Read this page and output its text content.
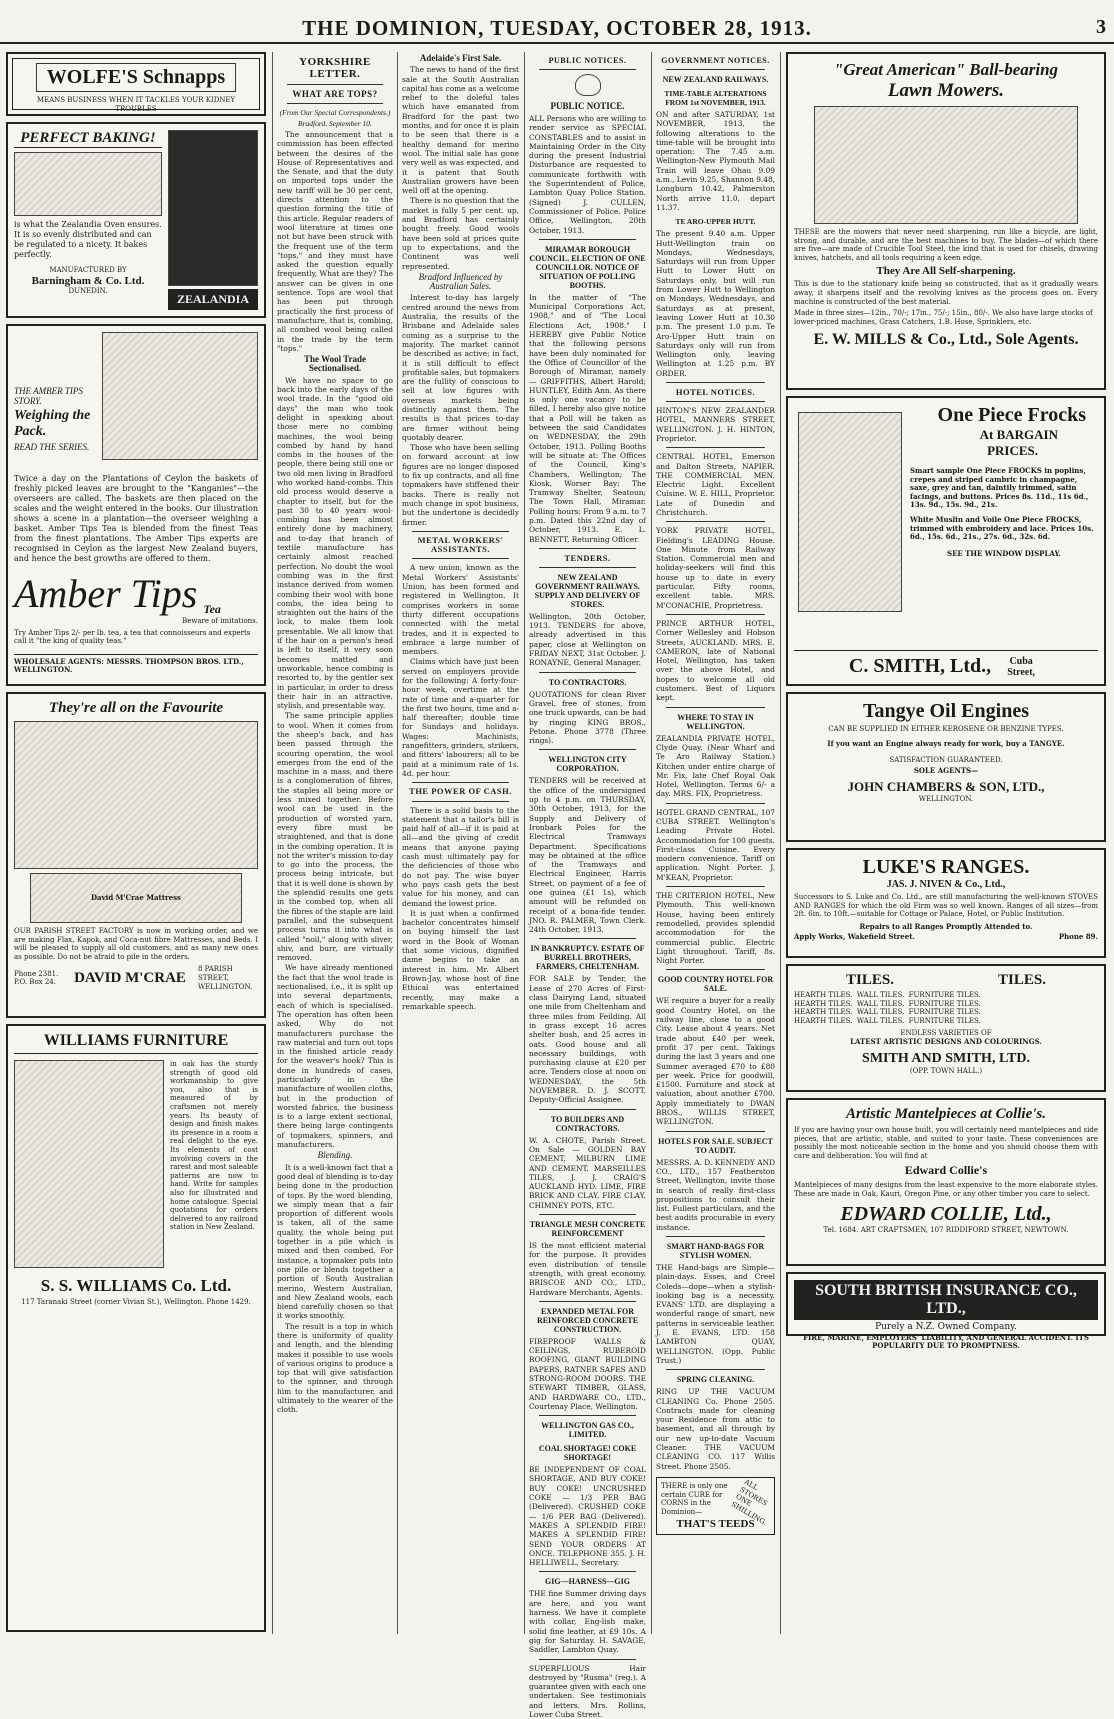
THE DOMINION, TUESDAY, OCTOBER 28, 1913.	3
WOLFE'S Schnapps
MEANS BUSINESS WHEN IT TACKLES YOUR KIDNEY TROUBLES
PERFECT BAKING!
is what the Zealandia Oven ensures. It is so evenly distributed and can be regulated to a nicety. It bakes perfectly.
MANUFACTURED BY
Barningham & Co. Ltd.
DUNEDIN.
ZEALANDIA
THE AMBER TIPS STORY.
Weighing the Pack.
READ THE SERIES.
Twice a day on the Plantations of Ceylon the baskets of freshly picked leaves are brought to the "Kanganies"—the overseers are called. The baskets are then placed on the scales and the weight entered in the books. Our illustration shows a scene in a plantation—the overseer weighing a basket. Amber Tips Tea is blended from the finest Teas from the finest plantations. The Amber Tips experts are recognised in Ceylon as the largest New Zealand buyers, and hence the best growths are offered to them.
Amber Tips Tea
Beware of imitations.
Try Amber Tips 2/- per lb. tea, a tea that connoisseurs and experts call it "the king of quality teas."
WHOLESALE AGENTS: MESSRS. THOMPSON BROS. LTD., WELLINGTON.
They're all on the Favourite
David M'Crae Mattress
OUR PARISH STREET FACTORY is now in working order, and we are making Flax, Kapok, and Coca-nut fibre Mattresses, and Beds. I will be pleased to supply all old customers, and as many new ones as possible. Do not be afraid to pile in the orders.
Phone 2381. P.O. Box 24.	DAVID M'CRAE
8 PARISH STREET, WELLINGTON.
WILLIAMS FURNITURE
in oak has the sturdy strength of good old workmanship to give you, also that is measured of by craftsmen not merely years. Its beauty of design and finish makes its presence in a room a real delight to the eye. Its elements of cost involving covers in the rarest and most saleable patterns are now to hand. Write for samples also for illustrated and home catalogue. Special quotations for orders delivered to any railroad station in New Zealand.
S. S. WILLIAMS Co. Ltd.
117 Taranaki Street (corner Vivian St.), Wellington. Phone 1429.
YORKSHIRE LETTER.
WHAT ARE TOPS?
(From Our Special Correspondents.)
Bradford, September 10.

The announcement that a commission has been effected between the desires of the House of Representatives and the Senate, and that the duty on imported tops under the new tariff will be 30 per cent, directs attention to the question forming the title of this article. Regular readers of wool literature at times one not but have been struck with the frequent use of the term "tops," and they must have asked the question equally frequently, What are they? The answer can be given in one sentence. Tops are wool that has been put through practically the first process of manufacture, that is, combing, all combed wool being called in the trade by the term "tops."

The Wool Trade Sectionalised.

We have no space to go back into the early days of the wool trade. In the "good old days" the man who took delight in speaking about those mere no combing machines, the wool being combed by hand by hand combs in the houses of the people, there being still one or two old men living in Bradford who worked hand-combs. This old process would deserve a chapter to itself, but for the past 30 to 40 years wool-combing has been almost entirely done by machinery, and to-day that branch of textile manufacture has certainly almost reached perfection. No doubt the wool combing was in the first instance derived from women combing their wool with bone combs, the idea being to straighten out the hairs of the lock, to make them look presentable. We all know that if the hair on a person's head is left to itself, it very soon becomes matted and unworkable, hence combing is resorted to, by the gentler sex in particular, in order to dress their hair in an attractive, stylish, and presentable way.

The same principle applies to wool. When it comes from the sheep's back, and has been passed through the scouring operation, the wool emerges from the end of the machine in a mass, and there is a conglomeration of fibres, the staples all being more or less mixed together. Before wool can be used in the production of worsted yarn, every fibre must be straightened, and that is done in the combing operation. It is not the writer's mission to-day to go into the process, the process being intricate, but that it is well done is shown by the splendid results one gets in the combed top, when all the fibres of the staple are laid parallel, and the subsequent process turns it into what is called "noil," along with sliver, shiv, and burr, are virtually removed.

We have already mentioned the fact that the wool trade is sectionalised, i.e., it is split up into several departments, each of which is specialised. The operation has often been asked, Why do not manufacturers purchase the raw material and turn out tops in the finished article ready for the weaver's hook? This is done in hundreds of cases, particularly in the manufacture of woollen cloths, but in the production of worsted fabrics, the business is to a large extent sectional, there being large contingents of topmakers, spinners, and manufacturers.

Blending.

It is a well-known fact that a good deal of blending is to-day being done in the production of tops. By the word blending, we simply mean that a fair proportion of different wools is taken, all of the same quality, the whole being put together in a pile which is mixed and then combed. For instance, a topmaker puts into one pile or blends together a portion of South Australian merino, Western Australian, and New Zealand wools, each blend carefully chosen so that it works smoothly.

The result is a top in which there is uniformity of quality and length, and the blending makes it possible to use wools of various origins to produce a top that will give satisfaction to the spinner, and through him to the manufacturer, and ultimately to the wearer of the cloth.

Adelaide's First Sale.

The news to hand of the first sale at the South Australian capital has come as a welcome relief to the doleful tales which have emanated from Bradford for the past two months, and for once it is plain to be seen that there is a healthy demand for merino wool. The initial sale has gone very well as was expected, and it is patent that South Australian growers have been well off at the opening.

There is no question that the market is fully 5 per cent. up, and Bradford has certainly bought freely. Good wools have been sold at prices quite up to expectations, and the Continent was well represented.

Bradford Influenced by Australian Sales.

Interest to-day has largely centred around the news from Australia, the results of the Brisbane and Adelaide sales coming as a surprise to the majority. The market cannot be described as active; in fact, it is still difficult to effect profitable sales, but topmakers are the fullity of conscious to sell at low figures with overseas markets being distinctly against them. The results is that prices to-day are firmer without being quotably dearer.

Those who have been selling on forward account at low figures are no longer disposed to fix up contracts, and all fine topmakers have stiffened their backs. There is really not much change in spot business, but the undertone is decidedly firmer.

METAL WORKERS' ASSISTANTS.

A new union, known as the Metal Workers' Assistants' Union, has been formed and registered in Wellington. It comprises workers in some thirty different occupations connected with the metal trades, and it is expected to embrace a large number of members.

Claims which have just been served on employers provide for the following: A forty-four-hour week, overtime at the rate of time and a-quarter for the first two hours, time and a-half thereafter; double time for Sundays and holidays. Wages: Machinists, rangefitters, grinders, strikers, and fitters' labourers; all to be paid at a minimum rate of 1s. 4d. per hour.

THE POWER OF CASH.

There is a solid basis to the statement that a tailor's bill is paid half of all—if it is paid at all—and the giving of credit means that anyone paying cash must ultimately pay for the deficiencies of those who do not pay. The wise buyer who pays cash gets the best value for his money, and can demand the lowest price.

It is just when a confirmed bachelor concentrates himself on buying himself the last word in the Book of Woman that some vicious, dignified dame begins to take an interest in him. Mr. Albert Brown-Jay, whose host of fine Ethical was entertained recently, may make a remarkable speech.

PUBLIC NOTICES.
PUBLIC NOTICE.
ALL Persons who are willing to render service as SPECIAL CONSTABLES and to assist in Maintaining Order in the City during the present Industrial Disturbance are requested to communicate forthwith with the Superintendent of Police, Lambton Quay Police Station. (Signed) J. CULLEN, Commissioner of Police. Police Office, Wellington, 20th October, 1913.
MIRAMAR BOROUGH COUNCIL. ELECTION OF ONE COUNCILLOR. NOTICE OF SITUATION OF POLLING BOOTHS.
In the matter of "The Municipal Corporations Act, 1908," and of "The Local Elections Act, 1908." I HEREBY give Public Notice that the following persons have been duly nominated for the Office of Councillor of the Borough of Miramar, namely — GRIFFITHS, Albert Harold; HUNTLEY, Edith Ann. As there is only one vacancy to be filled, I hereby also give notice that a Poll will be taken as between the said Candidates on WEDNESDAY, the 29th October, 1913. Polling Booths will be situate at: The Offices of the Council, King's Chambers, Wellington; The Kiosk, Worser Bay; The Tramway Shelter, Seatoun; The Town Hall, Miramar. Polling hours: From 9 a.m. to 7 p.m. Dated this 22nd day of October, 1913. E. L. BENNETT, Returning Officer.
TENDERS.
NEW ZEALAND GOVERNMENT RAILWAYS. SUPPLY AND DELIVERY OF STORES.
Wellington, 20th October, 1913. TENDERS for above, already advertised in this paper, close at Wellington on FRIDAY NEXT, 31st October. J. RONAYNE, General Manager.
TO CONTRACTORS.
QUOTATIONS for clean River Gravel, free of stones, from one truck upwards, can be had by ringing KING BROS., Petone. Phone 3778 (Three rings).
WELLINGTON CITY CORPORATION.
TENDERS will be received at the office of the undersigned up to 4 p.m. on THURSDAY, 30th October, 1913, for the Supply and Delivery of Ironbark Poles for the Electrical Tramways Department. Specifications may be obtained at the office of the Tramways and Electrical Engineer, Harris Street, on payment of a fee of one guinea (£1 1s), which amount will be refunded on receipt of a bona-fide tender. JNO. R. PALMER, Town Clerk. 24th October, 1913.
IN BANKRUPTCY. ESTATE OF BURRELL BROTHERS, FARMERS, CHELTENHAM.
FOR SALE by Tender, the Lease of 270 Acres of First-class Dairying Land, situated one mile from Cheltenham and three miles from Feilding. All in grass except 16 acres shelter bush, and 25 acres in oats. Good house and all necessary buildings, with purchasing clause at £20 per acre. Tenders close at noon on WEDNESDAY, the 5th NOVEMBER. D. J. SCOTT, Deputy-Official Assignee.
TO BUILDERS AND CONTRACTORS.
W. A. CHOTE, Parish Street. On Sale — GOLDEN BAY CEMENT, MILBURN LIME AND CEMENT, MARSEILLES TILES, J. J. CRAIG'S AUCKLAND HYD. LIME, FIRE BRICK AND CLAY, FIRE CLAY, CHIMNEY POTS, ETC.
TRIANGLE MESH CONCRETE REINFORCEMENT
IS the most efficient material for the purpose. It provides even distribution of tensile strength, with great economy. BRISCOE AND CO., LTD., Hardware Merchants, Agents.
EXPANDED METAL FOR REINFORCED CONCRETE CONSTRUCTION.
FIREPROOF WALLS & CEILINGS, RUBEROID ROOFING, GIANT BUILDING PAPERS, RATNER SAFES AND STRONG-ROOM DOORS. THE STEWART TIMBER, GLASS, AND HARDWARE CO., LTD., Courtenay Place, Wellington.
WELLINGTON GAS CO., LIMITED.
COAL SHORTAGE! COKE SHORTAGE!
BE INDEPENDENT OF COAL SHORTAGE, AND BUY COKE! BUY COKE! UNCRUSHED COKE — 1/3 PER BAG (Delivered). CRUSHED COKE — 1/6 PER BAG (Delivered). MAKES A SPLENDID FIRE! MAKES A SPLENDID FIRE! SEND YOUR ORDERS AT ONCE. TELEPHONE 355. J. H. HELLIWELL, Secretary.
GIG—HARNESS—GIG
THE fine Summer driving days are here, and you want harness. We have it complete with collar, Eng-lish make, solid fine leather, at £9 10s. A gig for Saturday. H. SAVAGE, Saddler, Lambton Quay.
SUPERFLUOUS Hair destroyed by "Rusma" (reg.). A guarantee given with each one undertaken. See testimonials and letters. Mrs. Rollins, Lower Cuba Street.
GOVERNMENT NOTICES.
NEW ZEALAND RAILWAYS.
TIME-TABLE ALTERATIONS FROM 1st NOVEMBER, 1913.
ON and after SATURDAY, 1st NOVEMBER, 1913, the following alterations to the time-table will be brought into operation: The 7.45 a.m. Wellington-New Plymouth Mail Train will leave Ohau 9.09 a.m., Levin 9.25, Shannon 9.48, Longburn 10.42, Palmerston North arrive 11.0, depart 11.37.
TE ARO-UPPER HUTT.
The present 9.40 a.m. Upper Hutt-Wellington train on Mondays, Wednesdays, Saturdays will run from Upper Hutt to Lower Hutt on Saturdays only, but will run from Lower Hutt to Wellington on Mondays, Wednesdays, and Saturdays as at present, leaving Lower Hutt at 10.30 p.m. The present 1.0 p.m. Te Aro-Upper Hutt train on Saturdays only will run from Wellington only, leaving Wellington at 1.25 p.m. BY ORDER.
HOTEL NOTICES.
HINTON'S NEW ZEALANDER HOTEL, MANNERS STREET, WELLINGTON. J. H. HINTON, Proprietor.
CENTRAL HOTEL, Emerson and Dalton Streets, NAPIER. THE COMMERCIAL MEN. Electric Light. Excellent Cuisine. W. E. HILL, Proprietor. Late of Dunedin and Christchurch.
YORK PRIVATE HOTEL, Fielding's LEADING House. One Minute from Railway Station. Commercial men and holiday-seekers will find this house up to date in every particular. Fifty rooms, excellent table. MRS. M'CONACHIE, Proprietress.
PRINCE ARTHUR HOTEL, Corner Wellesley and Hobson Streets, AUCKLAND. MRS. E. CAMERON, late of National Hotel, Wellington, has taken over the above Hotel, and hopes to welcome all old customers. Best of Liquors kept.
WHERE TO STAY IN WELLINGTON.
ZEALANDIA PRIVATE HOTEL, Clyde Quay. (Near Wharf and Te Aro Railway Station.) Kitchen under entire charge of Mr. Fix, late Chef Royal Oak Hotel, Wellington. Terms 6/- a day. MRS. FIX, Proprietress.
HOTEL GRAND CENTRAL, 107 CUBA STREET. Wellington's Leading Private Hotel. Accommodation for 100 guests. First-class Cuisine. Every modern convenience. Tariff on application. Night Porter. J. M'KEAN, Proprietor.
THE CRITERION HOTEL, New Plymouth. This well-known House, having been entirely remodelled, provides splendid accommodation for the commercial public. Electric Light throughout. Tariff, 8s. Night Porter.
GOOD COUNTRY HOTEL FOR SALE.
WE require a buyer for a really good Country Hotel, on the railway line, close to a good City. Lease about 4 years. Net trade about £40 per week, profit 37 per cent. Takings during the last 3 years and one Summer averaged £70 to £80 per week. Price for goodwill, £1500. Furniture and stock at valuation, about another £700. Apply immediately to DWAN BROS., WILLIS STREET, WELLINGTON.
HOTELS FOR SALE. SUBJECT TO AUDIT.
MESSRS. A. D. KENNEDY AND CO., LTD., 157 Featherston Street, Wellington, invite those in search of really first-class propositions to consult their list. Fullest particulars, and the best audits procurable in every instance.
SMART HAND-BAGS FOR STYLISH WOMEN.
THE Hand-bags are Simple—plain-days. Esses, and Creel Coleds—dope—when a stylish-looking bag is a necessity. EVANS' LTD. are displaying a wonderful range of smart, new patterns in serviceable leather. J. E. EVANS, LTD. 158 LAMBTON QUAY, WELLINGTON. (Opp. Public Trust.)
SPRING CLEANING.
RING UP THE VACUUM CLEANING Co. Phone 2505. Contracts made for cleaning your Residence from attic to basement, and all through by our new up-to-date Vacuum Cleaner. THE VACUUM CLEANING CO. 117 Willis Street. Phone 2505.
THERE is only one certain CURE for CORNS in the Dominion—
THAT'S TEEDS
ALL STORES ONE SHILLING.
"Great American" Ball-bearing
Lawn Mowers.
THESE are the mowers that never need sharpening, run like a bicycle, are light, strong, and durable, and are the best machines to buy. The blades—of which there are five—are made of Crucible Tool Steel, the kind that is used for chisels, drawing knives, hatchets, and all tools requiring a keen edge.
They Are All Self-sharpening.
This is due to the stationary knife being so constructed, that as it gradually wears away, it sharpens itself and the revolving knives as the process goes on. Every machine is constructed of the best material.
Made in three sizes—12in., 70/-; 17in., 75/-; 15in., 80/-. We also have large stocks of lower-priced machines, Grass Catchers, 1.B. Hose, Sprinklers, etc.
E. W. MILLS & Co., Ltd., Sole Agents.
One Piece Frocks
At BARGAIN
PRICES.
Smart sample One Piece FROCKS in poplins, crepes and striped cambric in champagne, saxe, grey and tan, daintily trimmed, satin facings, and buttons. Prices 8s. 11d., 11s 6d., 13s. 9d., 15s. 9d., 21s.
White Muslin and Voile One Piece FROCKS, trimmed with embroidery and lace. Prices 10s. 6d., 15s. 6d., 21s., 27s. 6d., 32s. 6d.
SEE THE WINDOW DISPLAY.
C. SMITH, Ltd.,	Cuba Street,
Tangye Oil Engines
CAN BE SUPPLIED IN EITHER KEROSENE OR BENZINE TYPES.
If you want an Engine always ready for work, buy a TANGYE.
SATISFACTION GUARANTEED.
SOLE AGENTS—
JOHN CHAMBERS & SON, LTD.,
WELLINGTON.
LUKE'S RANGES.
JAS. J. NIVEN & Co., Ltd.,
Successors to S. Luke and Co. Ltd., are still manufacturing the well-known STOVES AND RANGES for which the old Firm was so well known. Ranges of all sizes—from 2ft. 6in. to 10ft.—suitable for Cottage or Palace, Hotel, or Public Institution.
Repairs to all Ranges Promptly Attended to.
Apply Works, Wakefield Street.	Phone 89.
TILES.	TILES.
HEARTH TILES.  WALL TILES.  FURNITURE TILES.
HEARTH TILES.  WALL TILES.  FURNITURE TILES.
HEARTH TILES.  WALL TILES.  FURNITURE TILES.
HEARTH TILES.  WALL TILES.  FURNITURE TILES.
ENDLESS VARIETIES OF
LATEST ARTISTIC DESIGNS AND COLOURINGS.
SMITH AND SMITH, LTD.
(OPP. TOWN HALL.)
Artistic Mantelpieces at Collie's.
If you are having your own house built, you will certainly need mantelpieces and side pieces, that are artistic, stable, and suited to your taste. These conveniences are possibly the most noticeable section in the home and you should choose them with care and deliberation. You will find at
Edward Collie's
Mantelpieces of many designs from the least expensive to the more elaborate styles. These are made in Oak, Kauri, Oregon Pine, or any other timber you care to select.
EDWARD COLLIE, Ltd.,
Tel. 1684. ART CRAFTSMEN, 107 RIDDIFORD STREET, NEWTOWN.
SOUTH BRITISH INSURANCE CO., LTD.,
Purely a N.Z. Owned Company.
FIRE, MARINE, EMPLOYERS' LIABILITY, AND GENERAL ACCIDENT. ITS POPULARITY DUE TO PROMPTNESS.
